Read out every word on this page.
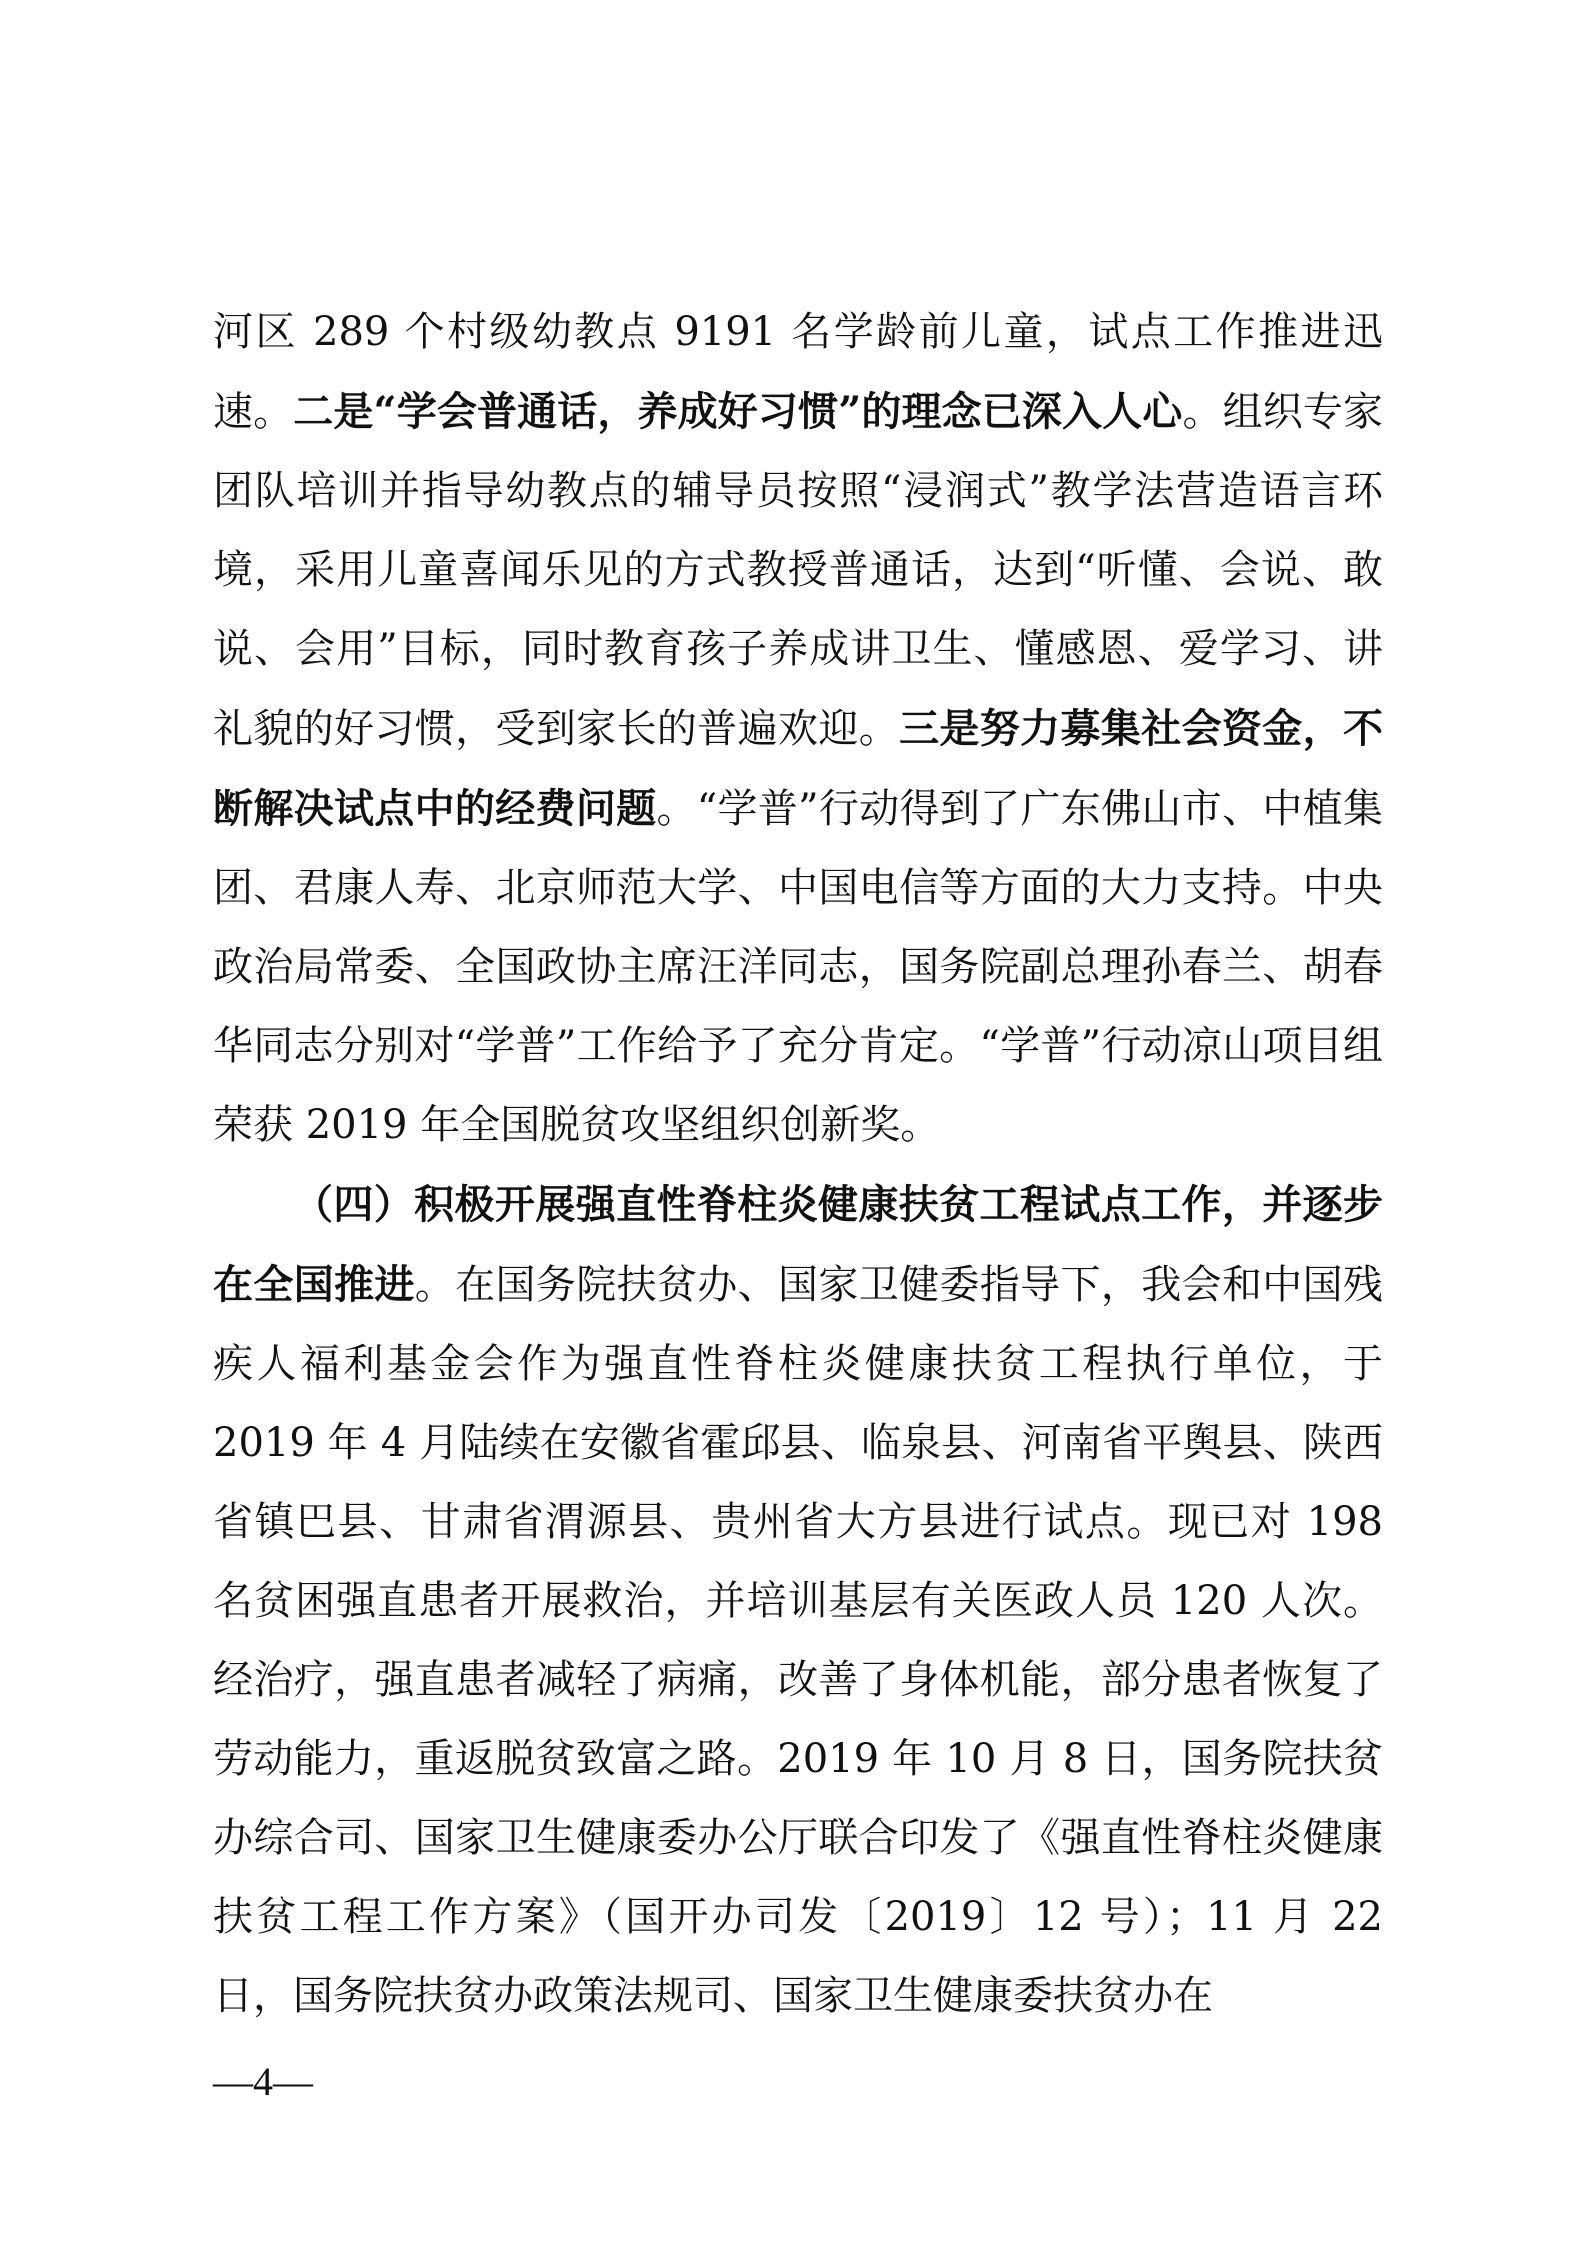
河区 289 个村级幼教点 9191 名学龄前儿童，试点工作推进迅速。二是“学会普通话，养成好习惯”的理念已深入人心。组织专家团队培训并指导幼教点的辅导员按照“浸润式”教学法营造语言环境，采用儿童喜闻乐见的方式教授普通话，达到“听懂、会说、敢说、会用”目标，同时教育孩子养成讲卫生、懂感恩、爱学习、讲礼貌的好习惯，受到家长的普遍欢迎。三是努力募集社会资金，不断解决试点中的经费问题。“学普”行动得到了广东佛山市、中植集团、君康人寿、北京师范大学、中国电信等方面的大力支持。中央政治局常委、全国政协主席汪洋同志，国务院副总理孙春兰、胡春华同志分别对“学普”工作给予了充分肯定。“学普”行动凉山项目组荣获 2019 年全国脱贫攻坚组织创新奖。

（四）积极开展强直性脊柱炎健康扶贫工程试点工作，并逐步在全国推进。在国务院扶贫办、国家卫健委指导下，我会和中国残疾人福利基金会作为强直性脊柱炎健康扶贫工程执行单位，于 2019 年 4 月陆续在安徽省霍邱县、临泉县、河南省平舆县、陕西省镇巴县、甘肃省渭源县、贵州省大方县进行试点。现已对 198 名贫困强直患者开展救治，并培训基层有关医政人员 120 人次。经治疗，强直患者减轻了病痛，改善了身体机能，部分患者恢复了劳动能力，重返脱贫致富之路。2019 年 10 月 8 日，国务院扶贫办综合司、国家卫生健康委办公厅联合印发了《强直性脊柱炎健康扶贫工程工作方案》（国开办司发〔2019〕12 号）；11 月 22 日，国务院扶贫办政策法规司、国家卫生健康委扶贫办在

—4—
